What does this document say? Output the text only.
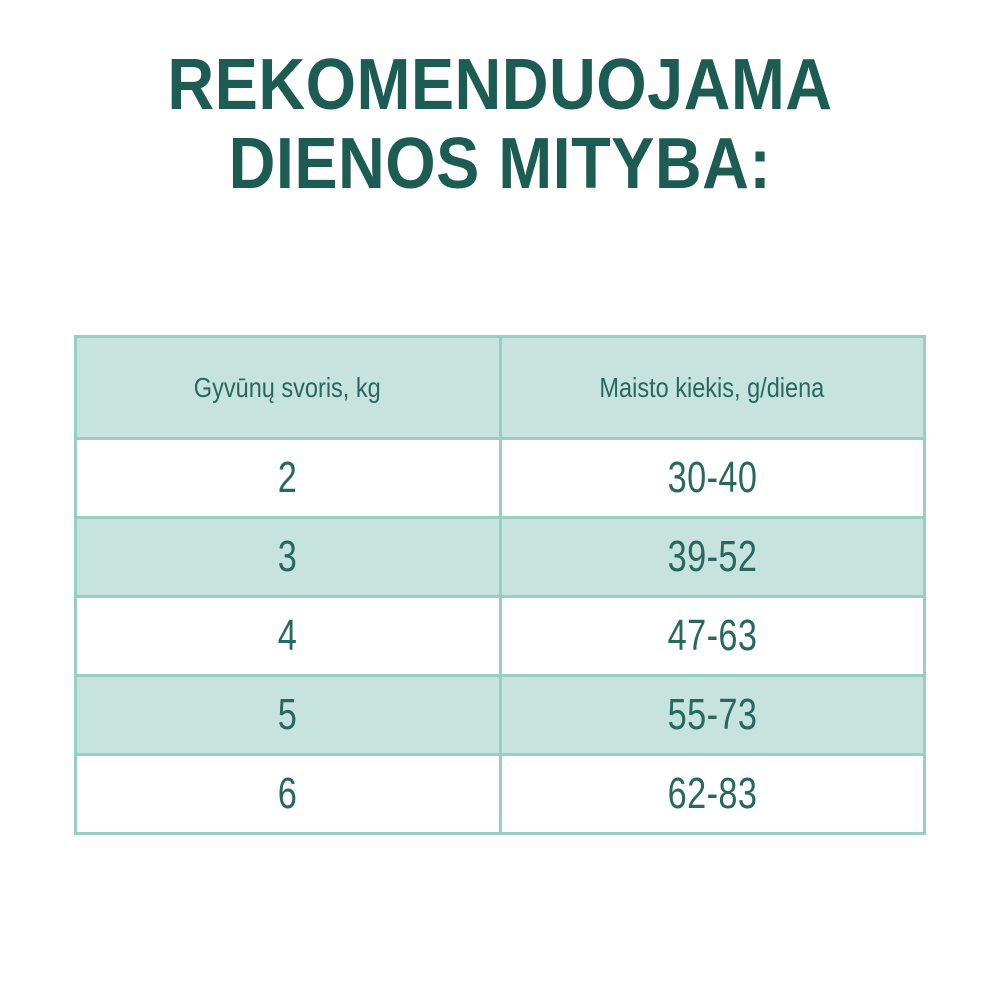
REKOMENDUOJAMA
DIENOS MITYBA:
Gyvūnų svoris, kg	Maisto kiekis, g/diena
2	30-40
3	39-52
4	47-63
5	55-73
6	62-83
